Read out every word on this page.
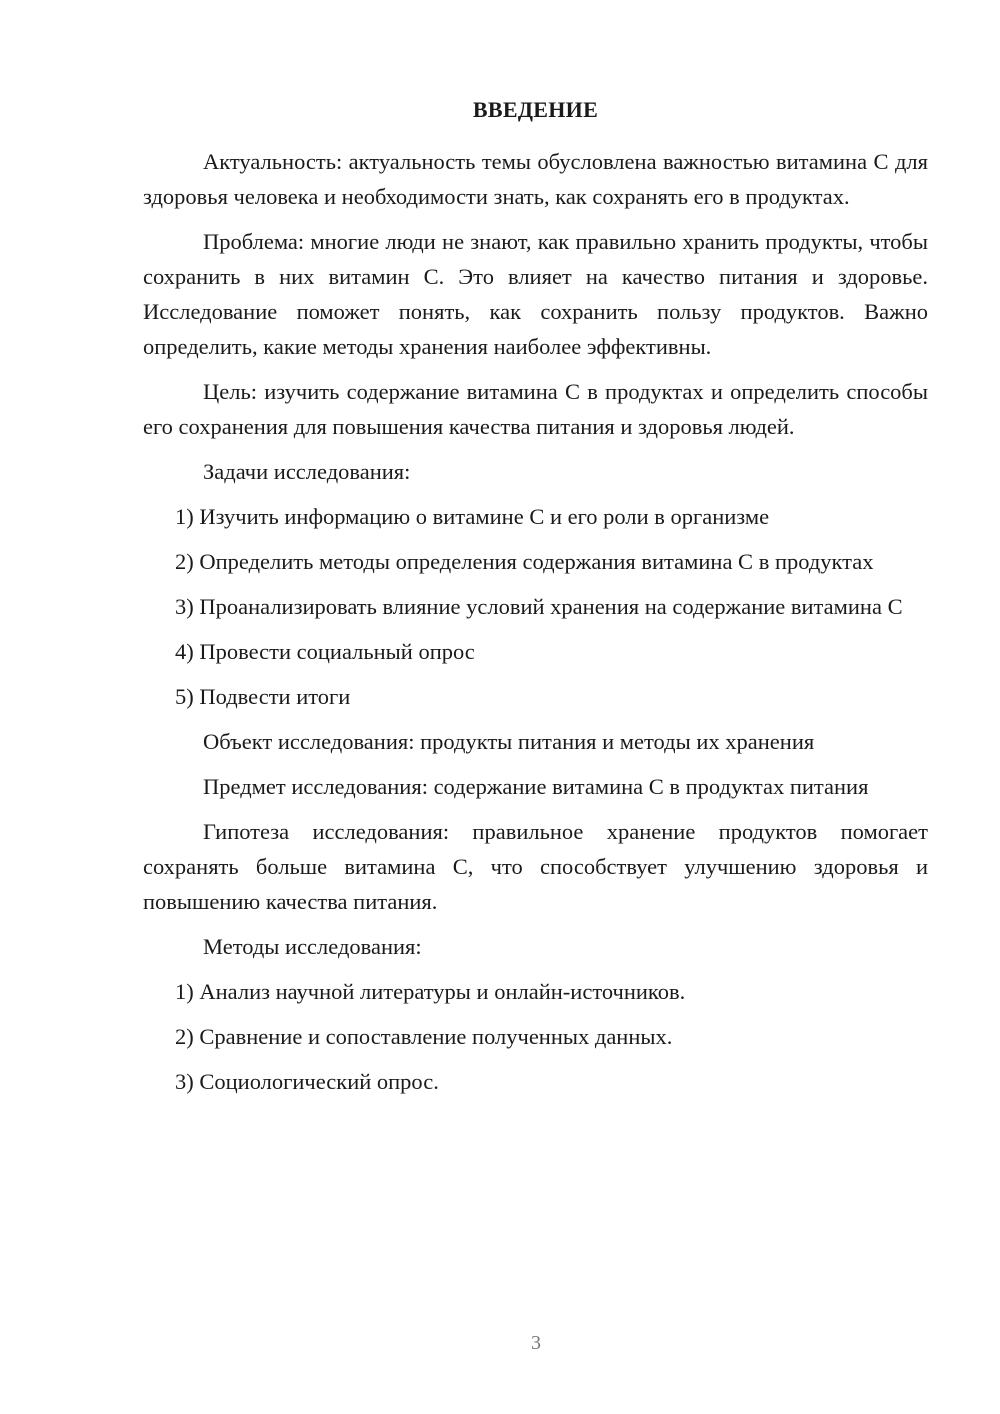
ВВЕДЕНИЕ

Актуальность: актуальность темы обусловлена важностью витамина С для здоровья человека и необходимости знать, как сохранять его в продуктах.

Проблема: многие люди не знают, как правильно хранить продукты, чтобы сохранить в них витамин С. Это влияет на качество питания и здоровье. Исследование поможет понять, как сохранить пользу продуктов. Важно определить, какие методы хранения наиболее эффективны.

Цель: изучить содержание витамина С в продуктах и определить способы его сохранения для повышения качества питания и здоровья людей.

Задачи исследования:

1) Изучить информацию о витамине С и его роли в организме

2) Определить методы определения содержания витамина С в продуктах

3) Проанализировать влияние условий хранения на содержание витамина С

4) Провести социальный опрос

5) Подвести итоги

Объект исследования: продукты питания и методы их хранения

Предмет исследования: содержание витамина С в продуктах питания

Гипотеза исследования: правильное хранение продуктов помогает сохранять больше витамина С, что способствует улучшению здоровья и повышению качества питания.

Методы исследования:

1) Анализ научной литературы и онлайн-источников.

2) Сравнение и сопоставление полученных данных.

3) Социологический опрос.

3
